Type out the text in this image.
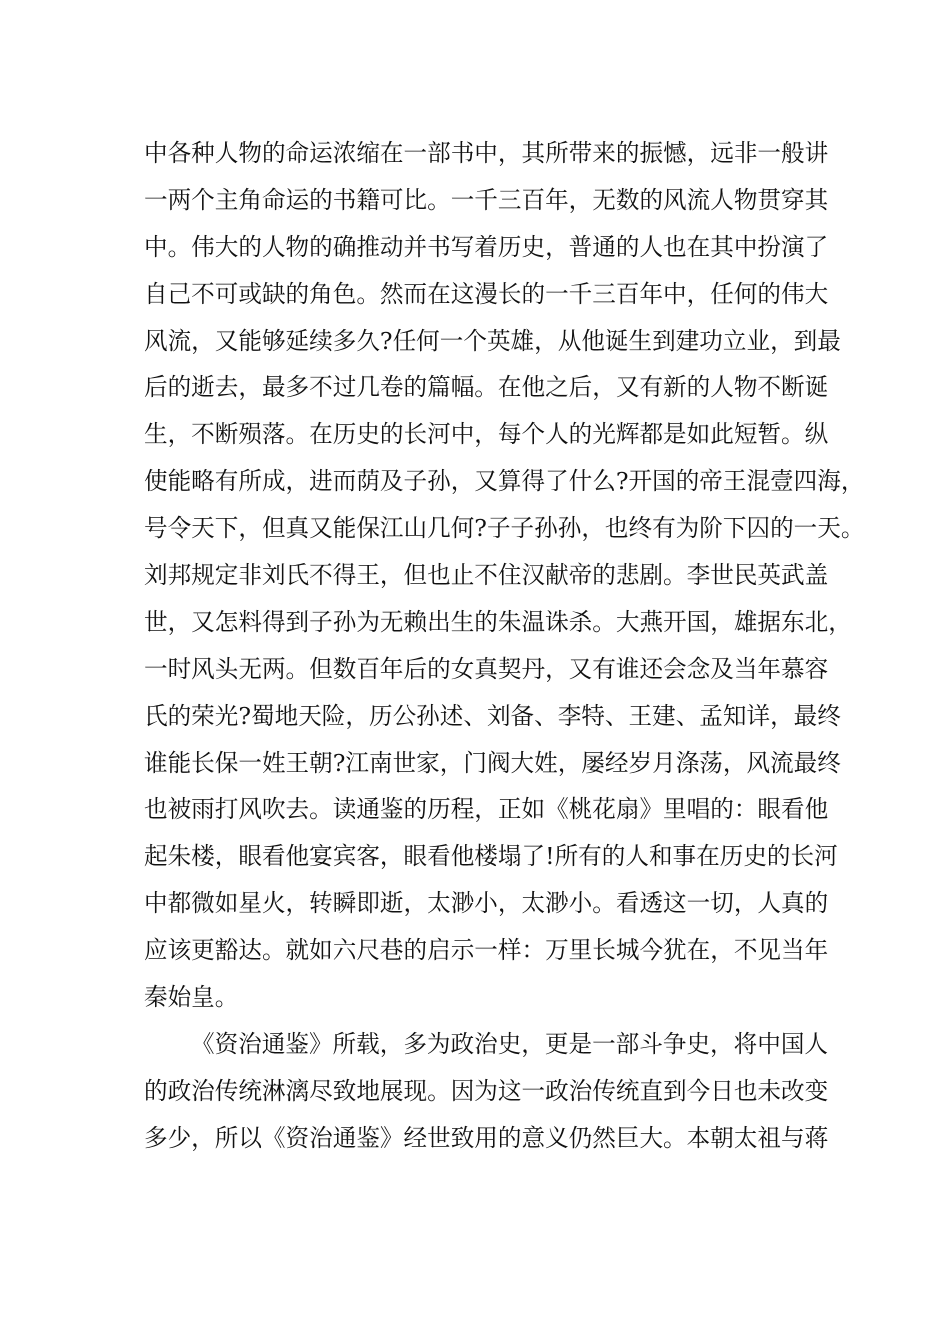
中各种人物的命运浓缩在一部书中，其所带来的振憾，远非一般讲
一两个主角命运的书籍可比。一千三百年，无数的风流人物贯穿其
中。伟大的人物的确推动并书写着历史，普通的人也在其中扮演了
自己不可或缺的角色。然而在这漫长的一千三百年中，任何的伟大
风流，又能够延续多久?任何一个英雄，从他诞生到建功立业，到最
后的逝去，最多不过几卷的篇幅。在他之后，又有新的人物不断诞
生，不断殒落。在历史的长河中，每个人的光辉都是如此短暂。纵
使能略有所成，进而荫及子孙，又算得了什么?开国的帝王混壹四海，
号令天下，但真又能保江山几何?子子孙孙，也终有为阶下囚的一天。
刘邦规定非刘氏不得王，但也止不住汉献帝的悲剧。李世民英武盖
世，又怎料得到子孙为无赖出生的朱温诛杀。大燕开国，雄据东北，
一时风头无两。但数百年后的女真契丹，又有谁还会念及当年慕容
氏的荣光?蜀地天险，历公孙述、刘备、李特、王建、孟知详，最终
谁能长保一姓王朝?江南世家，门阀大姓，屡经岁月涤荡，风流最终
也被雨打风吹去。读通鉴的历程，正如《桃花扇》里唱的：眼看他
起朱楼，眼看他宴宾客，眼看他楼塌了!所有的人和事在历史的长河
中都微如星火，转瞬即逝，太渺小，太渺小。看透这一切，人真的
应该更豁达。就如六尺巷的启示一样：万里长城今犹在，不见当年
秦始皇。
《资治通鉴》所载，多为政治史，更是一部斗争史，将中国人
的政治传统淋漓尽致地展现。因为这一政治传统直到今日也未改变
多少，所以《资治通鉴》经世致用的意义仍然巨大。本朝太祖与蒋
